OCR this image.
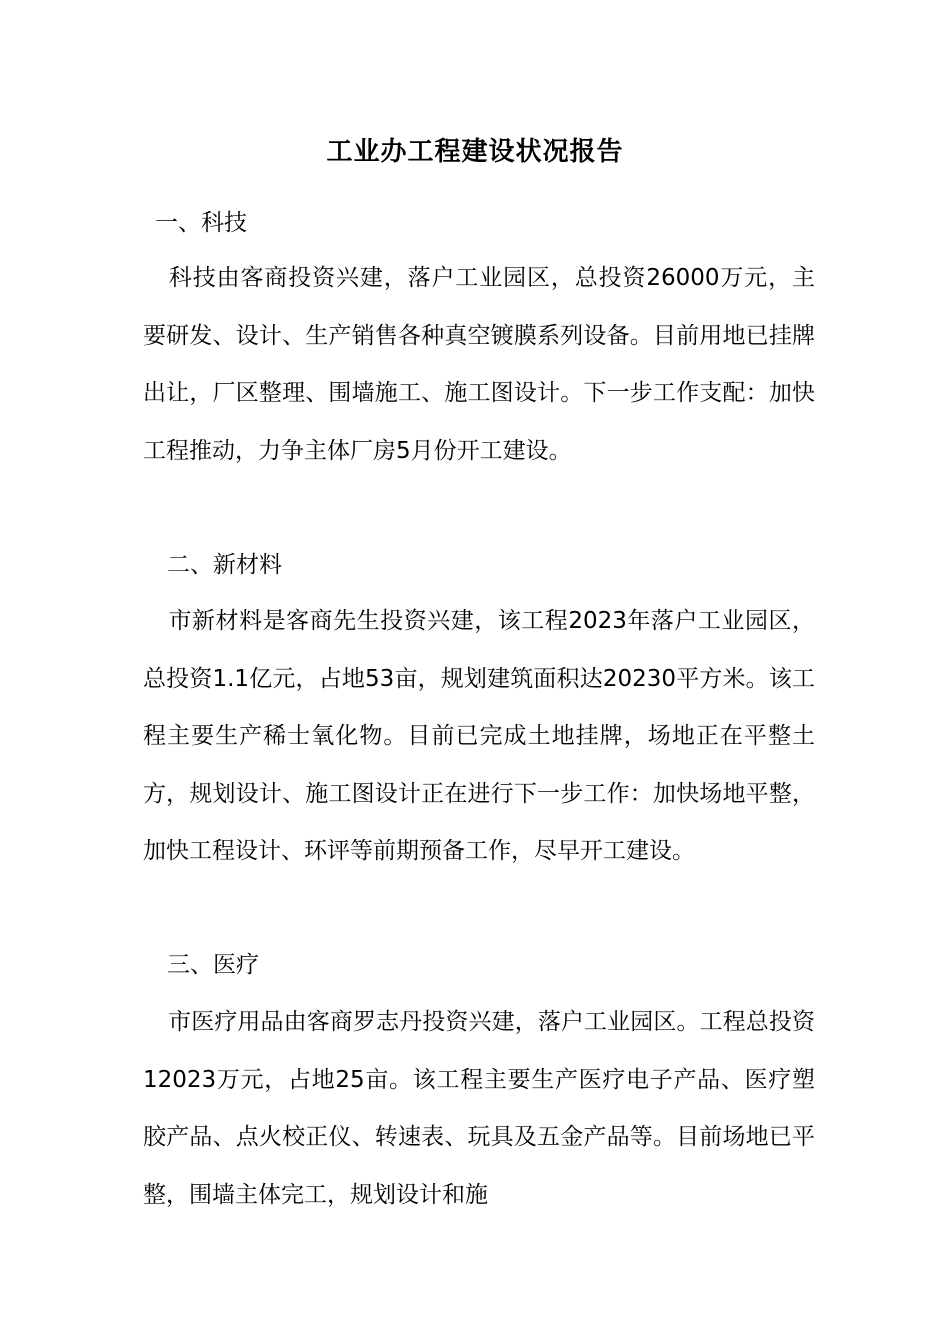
工业办工程建设状况报告
一、科技
科技由客商投资兴建，落户工业园区，总投资26000万元，主要研发、设计、生产销售各种真空镀膜系列设备。目前用地已挂牌出让，厂区整理、围墙施工、施工图设计。下一步工作支配：加快工程推动，力争主体厂房5月份开工建设。
二、新材料
市新材料是客商先生投资兴建，该工程2023年落户工业园区，总投资1.1亿元，占地53亩，规划建筑面积达20230平方米。该工程主要生产稀士氧化物。目前已完成土地挂牌，场地正在平整土方，规划设计、施工图设计正在进行下一步工作：加快场地平整，加快工程设计、环评等前期预备工作，尽早开工建设。
三、医疗
市医疗用品由客商罗志丹投资兴建，落户工业园区。工程总投资12023万元，占地25亩。该工程主要生产医疗电子产品、医疗塑胶产品、点火校正仪、转速表、玩具及五金产品等。目前场地已平整，围墙主体完工，规划设计和施
